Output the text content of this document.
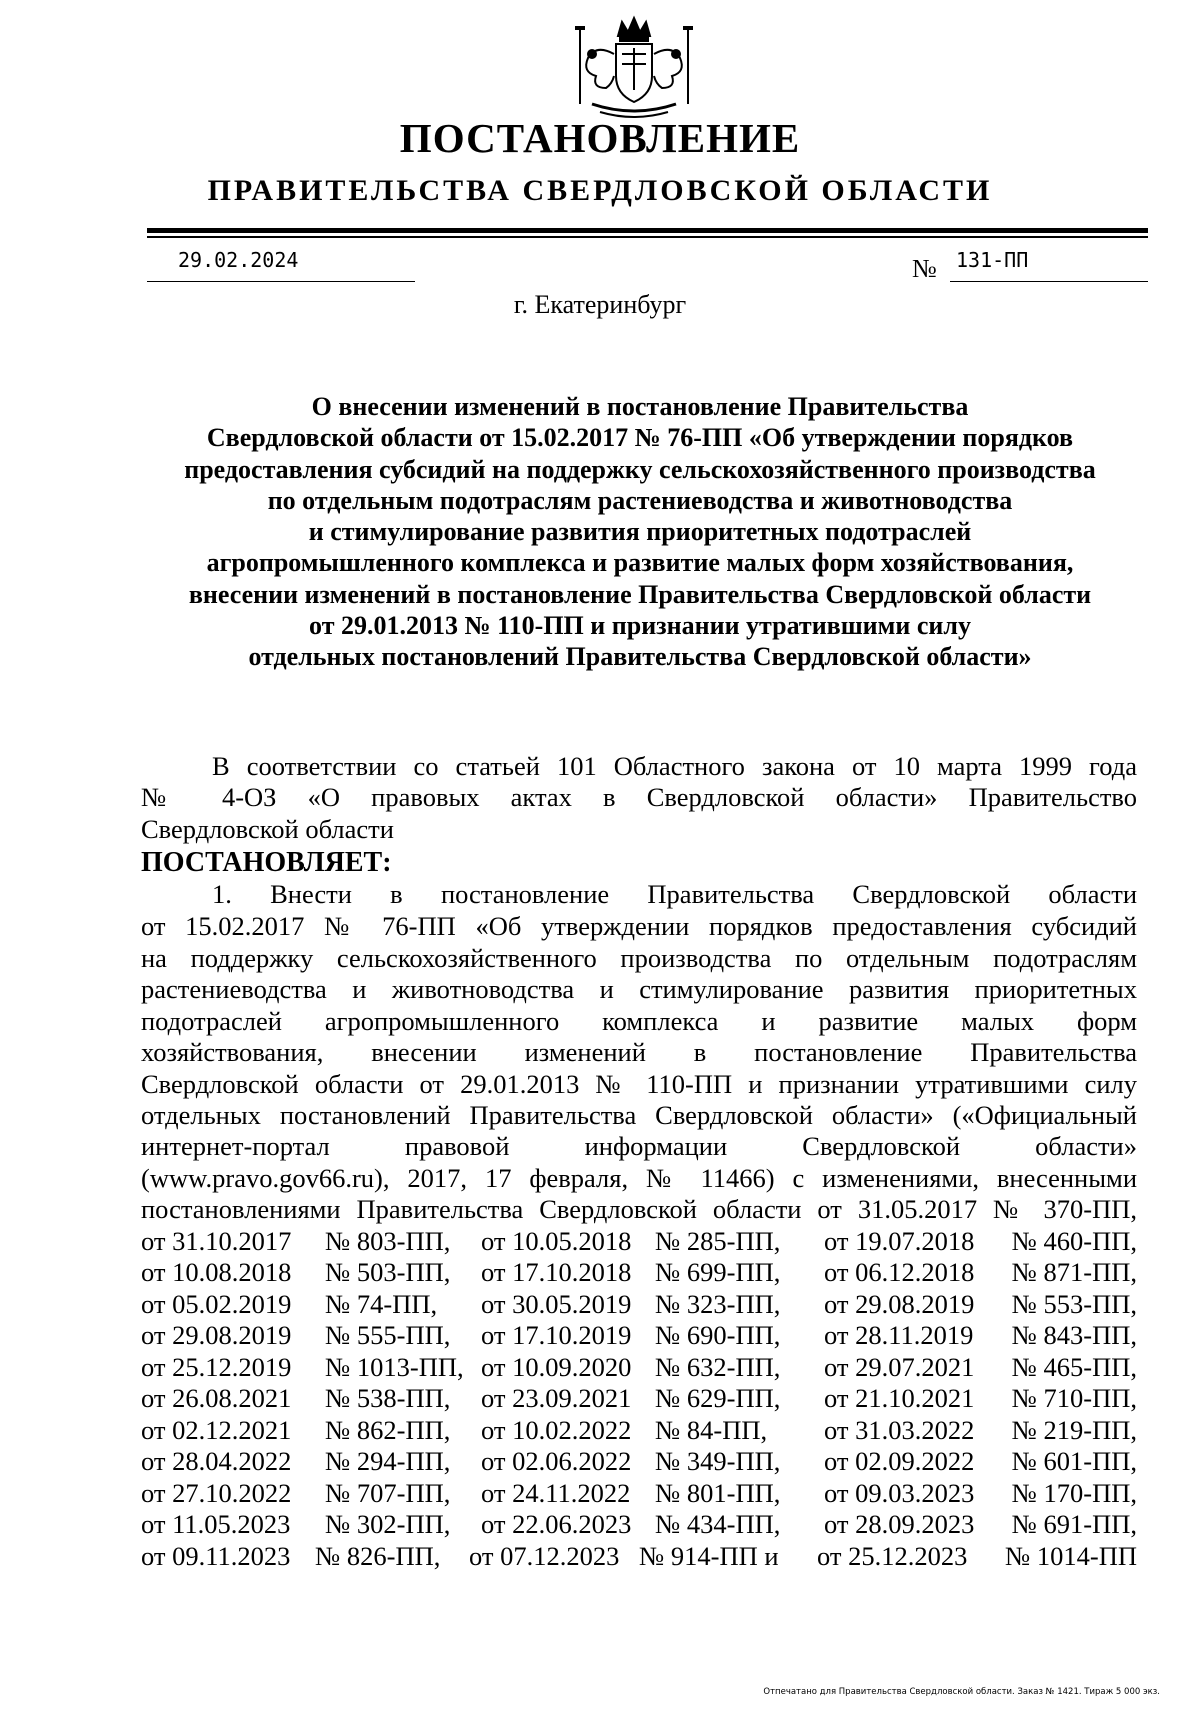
ПОСТАНОВЛЕНИЕ
ПРАВИТЕЛЬСТВА СВЕРДЛОВСКОЙ ОБЛАСТИ
29.02.2024	№ 131-ПП
г. Екатеринбург
О внесении изменений в постановление Правительства
Свердловской области от 15.02.2017 № 76-ПП «Об утверждении порядков
предоставления субсидий на поддержку сельскохозяйственного производства
по отдельным подотраслям растениеводства и животноводства
и стимулирование развития приоритетных подотраслей
агропромышленного комплекса и развитие малых форм хозяйствования,
внесении изменений в постановление Правительства Свердловской области
от 29.01.2013 № 110-ПП и признании утратившими силу
отдельных постановлений Правительства Свердловской области»
В соответствии со статьей 101 Областного закона от 10 марта 1999 года
№ 4-ОЗ «О правовых актах в Свердловской области» Правительство
Свердловской области
ПОСТАНОВЛЯЕТ:
1. Внести в постановление Правительства Свердловской области
от 15.02.2017 № 76-ПП «Об утверждении порядков предоставления субсидий
на поддержку сельскохозяйственного производства по отдельным подотраслям
растениеводства и животноводства и стимулирование развития приоритетных
подотраслей агропромышленного комплекса и развитие малых форм
хозяйствования, внесении изменений в постановление Правительства
Свердловской области от 29.01.2013 № 110-ПП и признании утратившими силу
отдельных постановлений Правительства Свердловской области» («Официальный
интернет-портал правовой информации Свердловской области»
(www.pravo.gov66.ru), 2017, 17 февраля, № 11466) с изменениями, внесенными
постановлениями Правительства Свердловской области от 31.05.2017 № 370-ПП,
от 31.10.2017 № 803-ПП, от 10.05.2018 № 285-ПП, от 19.07.2018 № 460-ПП,
от 10.08.2018 № 503-ПП, от 17.10.2018 № 699-ПП, от 06.12.2018 № 871-ПП,
от 05.02.2019 № 74-ПП, от 30.05.2019 № 323-ПП, от 29.08.2019 № 553-ПП,
от 29.08.2019 № 555-ПП, от 17.10.2019 № 690-ПП, от 28.11.2019 № 843-ПП,
от 25.12.2019 № 1013-ПП, от 10.09.2020 № 632-ПП, от 29.07.2021 № 465-ПП,
от 26.08.2021 № 538-ПП, от 23.09.2021 № 629-ПП, от 21.10.2021 № 710-ПП,
от 02.12.2021 № 862-ПП, от 10.02.2022 № 84-ПП, от 31.03.2022 № 219-ПП,
от 28.04.2022 № 294-ПП, от 02.06.2022 № 349-ПП, от 02.09.2022 № 601-ПП,
от 27.10.2022 № 707-ПП, от 24.11.2022 № 801-ПП, от 09.03.2023 № 170-ПП,
от 11.05.2023 № 302-ПП, от 22.06.2023 № 434-ПП, от 28.09.2023 № 691-ПП,
от 09.11.2023 № 826-ПП, от 07.12.2023 № 914-ПП и от 25.12.2023 № 1014-ПП
Отпечатано для Правительства Свердловской области. Заказ № 1421. Тираж 5 000 экз.
